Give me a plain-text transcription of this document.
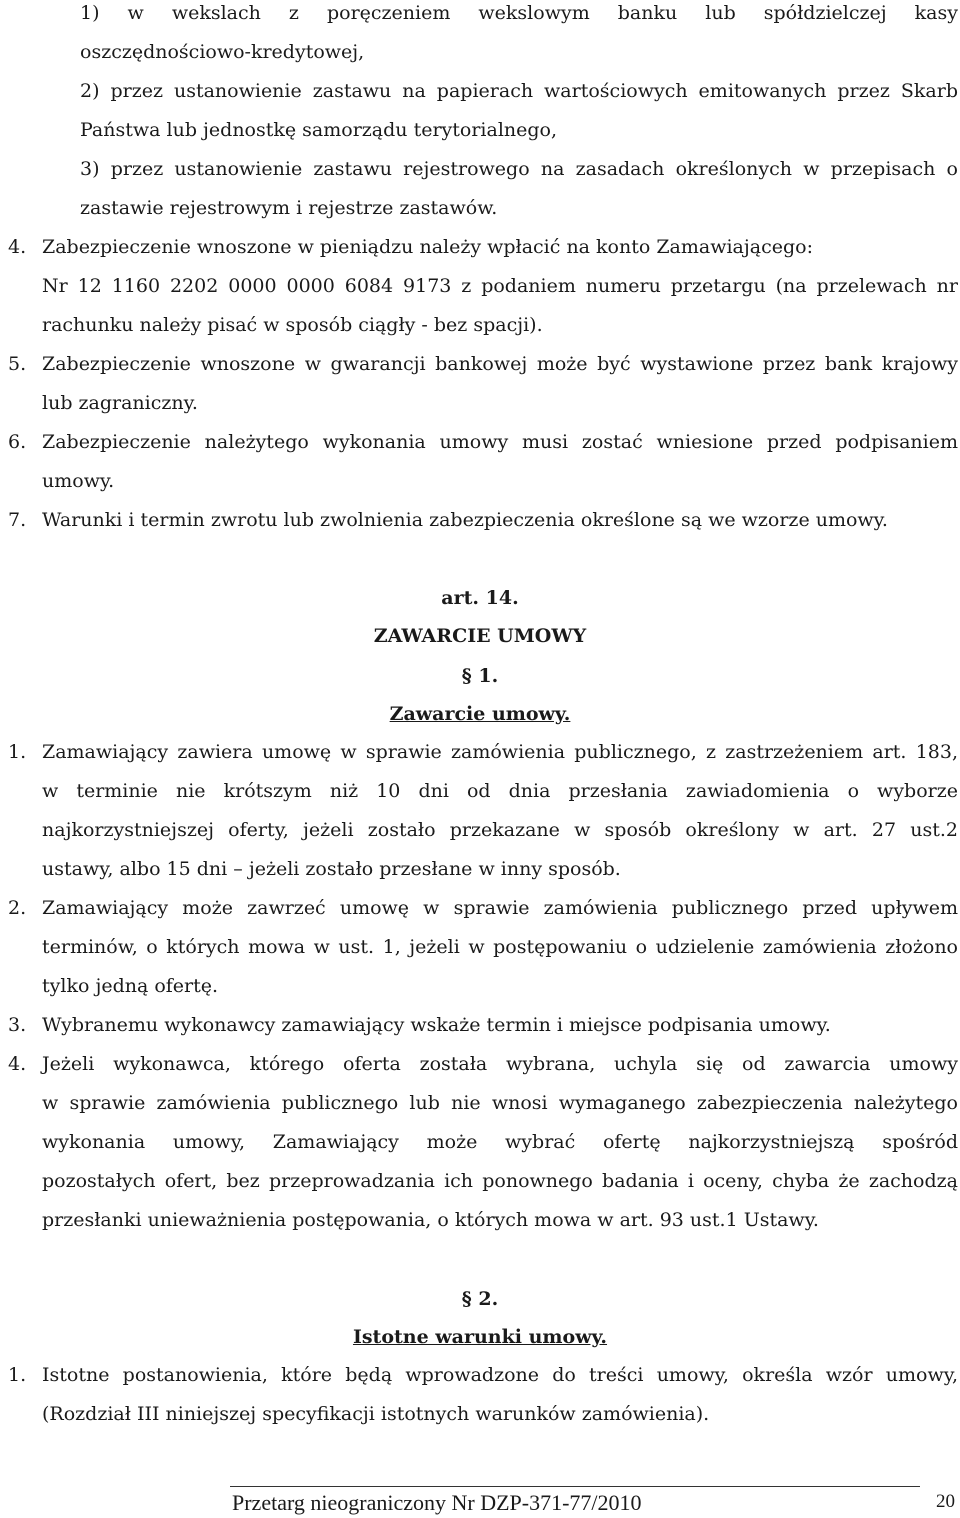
1) w wekslach z poręczeniem wekslowym banku lub spółdzielczej kasy
oszczędnościowo-kredytowej,
2) przez ustanowienie zastawu na papierach wartościowych emitowanych przez Skarb
Państwa lub jednostkę samorządu terytorialnego,
3) przez ustanowienie zastawu rejestrowego na zasadach określonych w przepisach o
zastawie rejestrowym i rejestrze zastawów.
4. Zabezpieczenie wnoszone w pieniądzu należy wpłacić na konto Zamawiającego:
Nr 12 1160 2202 0000 0000 6084 9173 z podaniem numeru przetargu (na przelewach nr
rachunku należy pisać w sposób ciągły - bez spacji).
5. Zabezpieczenie wnoszone w gwarancji bankowej może być wystawione przez bank krajowy
lub zagraniczny.
6. Zabezpieczenie należytego wykonania umowy musi zostać wniesione przed podpisaniem
umowy.
7. Warunki i termin zwrotu lub zwolnienia zabezpieczenia określone są we wzorze umowy.
art. 14.
ZAWARCIE UMOWY
§ 1.
Zawarcie umowy.
1. Zamawiający zawiera umowę w sprawie zamówienia publicznego, z zastrzeżeniem art. 183,
w terminie nie krótszym niż 10 dni od dnia przesłania zawiadomienia o wyborze
najkorzystniejszej oferty, jeżeli zostało przekazane w sposób określony w art. 27 ust.2
ustawy, albo 15 dni – jeżeli zostało przesłane w inny sposób.
2. Zamawiający może zawrzeć umowę w sprawie zamówienia publicznego przed upływem
terminów, o których mowa w ust. 1, jeżeli w postępowaniu o udzielenie zamówienia złożono
tylko jedną ofertę.
3. Wybranemu wykonawcy zamawiający wskaże termin i miejsce podpisania umowy.
4. Jeżeli wykonawca, którego oferta została wybrana, uchyla się od zawarcia umowy
w sprawie zamówienia publicznego lub nie wnosi wymaganego zabezpieczenia należytego
wykonania umowy, Zamawiający może wybrać ofertę najkorzystniejszą spośród
pozostałych ofert, bez przeprowadzania ich ponownego badania i oceny, chyba że zachodzą
przesłanki unieważnienia postępowania, o których mowa w art. 93 ust.1 Ustawy.
§ 2.
Istotne warunki umowy.
1. Istotne postanowienia, które będą wprowadzone do treści umowy, określa wzór umowy,
(Rozdział III niniejszej specyfikacji istotnych warunków zamówienia).
Przetarg nieograniczony Nr DZP-371-77/2010	20
